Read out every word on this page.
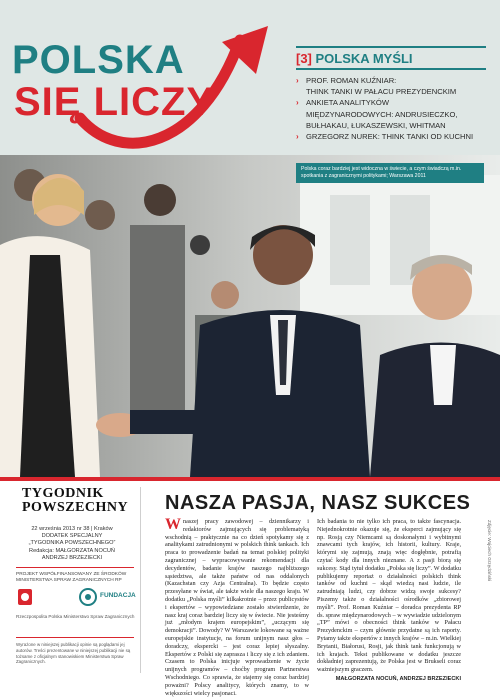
POLSKA
SIĘ LICZY
[3] POLSKA MYŚLI
› PROF. ROMAN KUŹNIAR:
THINK TANKI W PAŁACU PREZYDENCKIM
› ANKIETA ANALITYKÓW
MIĘDZYNARODOWYCH: ANDRUSIECZKO,
BUŁHAKAU, ŁUKASZEWSKI, WHITMAN
› GRZEGORZ NUREK: THINK TANKI OD KUCHNI
Polska coraz bardziej jest widoczna w świecie, a czym świadczą m.in. spotkania z zagranicznymi politykami; Warszawa 2011
TYGODNIK POWSZECHNY
22 września 2013 nr 38 | Kraków
DODATEK SPECJALNY „TYGODNIKA POWSZECHNEGO”
Redakcja: MAŁGORZATA NOCUŃ ANDRZEJ BRZEZIECKI
PROJEKT WSPÓŁFINANSOWANY ZE ŚRODKÓW MINISTERSTWA SPRAW ZAGRANICZNYCH RP
FUNDACJA
Rzeczpospolita Polska Ministerstwo Spraw Zagranicznych
Wyrażone w niniejszej publikacji opinie są poglądami jej autorów. Treści prezentowane w niniejszej publikacji nie są tożsame z oficjalnym stanowiskiem Ministerstwa Spraw Zagranicznych.
NASZA PASJA, NASZ SUKCES
W naszej pracy zawodowej – dziennikarzy i redaktorów zajmujących się problematyką wschodnią – praktycznie na co dzień spotykamy się z analitykami zatrudnionymi w polskich think tankach. Ich praca to prowadzenie badań na temat polskiej polityki zagranicznej – wypracowywanie rekomendacji dla decydentów, badanie krajów naszego najbliższego sąsiedztwa, ale także państw od nas oddalonych (Kazachstan czy Azja Centralna). To będzie często przesyłane w świat, ale także wiele dla naszego kraju. W dodatku „Polska myśli” kilkakrotnie – przez publicystów i ekspertów – wypowiedziane zostało stwierdzenie, że nasz kraj coraz bardziej liczy się w świecie. Nie jesteśmy już „młodym krajem europejskim”, „uczącym się demokracji”. Dowody? W Warszawie lokowane są ważne europejskie instytucje, na forum unijnym nasz głos – doradczy, ekspercki – jest coraz lepiej słyszalny. Ekspertów z Polski się zaprasza i liczy się z ich zdaniem. Czasem to Polska inicjuje wprowadzenie w życie unijnych programów – choćby program Partnerstwa Wschodniego. Co sprawia, że stajemy się coraz bardziej poważni? Polscy analitycy, których znamy, to w większości wielcy pasjonaci.
Ich badania to nie tylko ich praca, to także fascynacja. Niejednokrotnie okazuje się, że eksperci zajmujący się np. Rosją czy Niemcami są doskonałymi i wybitnymi znawcami tych krajów, ich historii, kultury. Kraje, którymi się zajmują, znają więc dogłębnie, potrafią czytać kody dla innych nieznane. A z pasji biorą się sukcesy. Stąd tytuł dodatku „Polska się liczy”. W dodatku publikujemy reportaż o działalności polskich think tanków od kuchni – skąd wiedzą nasi ludzie, ile zatrudniają ludzi, czy dobrze widzą swoje sukcesy? Piszemy także o działalności ośrodków „zbiorowej myśli”. Prof. Roman Kuźniar – doradca prezydenta RP ds. spraw międzynarodowych – w wywiadzie udzielonym „TP” mówi o obecności think tanków w Pałacu Prezydenckim – czym głównie przydatne są ich raporty. Pytamy także ekspertów z innych krajów – m.in. Wielkiej Brytanii, Białorusi, Rosji, jak think tank funkcjonują w ich krajach. Tekst publikowane w dodatku jeszcze dokładniej zaprezentują, że Polska jest w Brukseli coraz ważniejszym graczem.
MAŁGORZATA NOCUŃ, ANDRZEJ BRZEZIECKI
Zdjęcie: Wojciech Grzędziński
